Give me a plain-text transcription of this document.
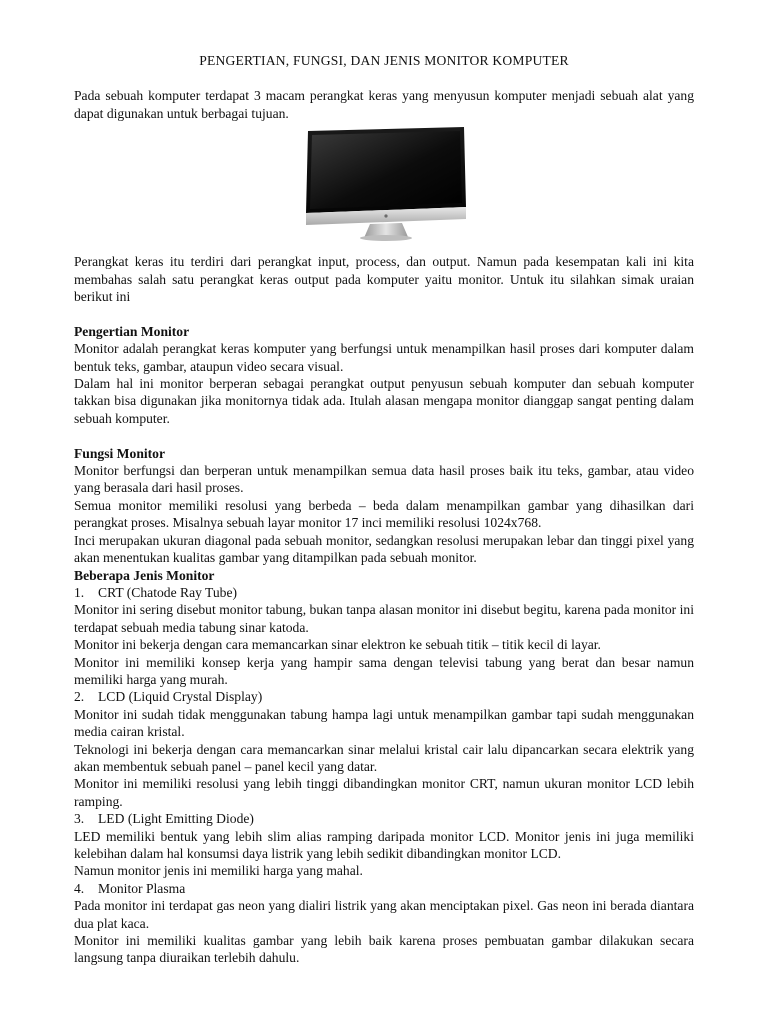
PENGERTIAN, FUNGSI, DAN JENIS MONITOR KOMPUTER

Pada sebuah komputer terdapat 3 macam perangkat keras yang menyusun komputer menjadi sebuah alat yang dapat digunakan untuk berbagai tujuan.

Perangkat keras itu terdiri dari perangkat input, process, dan output. Namun pada kesempatan kali ini kita membahas salah satu perangkat keras output pada komputer yaitu monitor. Untuk itu silahkan simak uraian berikut ini

Pengertian Monitor

Monitor adalah perangkat keras komputer yang berfungsi untuk menampilkan hasil proses dari komputer dalam bentuk teks, gambar, ataupun video secara visual.

Dalam hal ini monitor berperan sebagai perangkat output penyusun sebuah komputer dan sebuah komputer takkan bisa digunakan jika monitornya tidak ada. Itulah alasan mengapa monitor dianggap sangat penting dalam sebuah komputer.

Fungsi Monitor

Monitor berfungsi dan berperan untuk menampilkan semua data hasil proses baik itu teks, gambar, atau video yang berasala dari hasil proses.

Semua monitor memiliki resolusi yang berbeda – beda dalam menampilkan gambar yang dihasilkan dari perangkat proses. Misalnya sebuah layar monitor 17 inci memiliki resolusi 1024x768.

Inci merupakan ukuran diagonal pada sebuah monitor, sedangkan resolusi merupakan lebar dan tinggi pixel yang akan menentukan kualitas gambar yang ditampilkan pada sebuah monitor.

Beberapa Jenis Monitor
1. CRT (Chatode Ray Tube)

Monitor ini sering disebut monitor tabung, bukan tanpa alasan monitor ini disebut begitu, karena pada monitor ini terdapat sebuah media tabung sinar katoda.

Monitor ini bekerja dengan cara memancarkan sinar elektron ke sebuah titik – titik kecil di layar.

Monitor ini memiliki konsep kerja yang hampir sama dengan televisi tabung yang berat dan besar namun memiliki harga yang murah.

2. LCD (Liquid Crystal Display)

Monitor ini sudah tidak menggunakan tabung hampa lagi untuk menampilkan gambar tapi sudah menggunakan media cairan kristal.

Teknologi ini bekerja dengan cara memancarkan sinar melalui kristal cair lalu dipancarkan secara elektrik yang akan membentuk sebuah panel – panel kecil yang datar.

Monitor ini memiliki resolusi yang lebih tinggi dibandingkan monitor CRT, namun ukuran monitor LCD lebih ramping.

3. LED (Light Emitting Diode)

LED memiliki bentuk yang lebih slim alias ramping daripada monitor LCD. Monitor jenis ini juga memiliki kelebihan dalam hal konsumsi daya listrik yang lebih sedikit dibandingkan monitor LCD.

Namun monitor jenis ini memiliki harga yang mahal.

4. Monitor Plasma

Pada monitor ini terdapat gas neon yang dialiri listrik yang akan menciptakan pixel. Gas neon ini berada diantara dua plat kaca.

Monitor ini memiliki kualitas gambar yang lebih baik karena proses pembuatan gambar dilakukan secara langsung tanpa diuraikan terlebih dahulu.
